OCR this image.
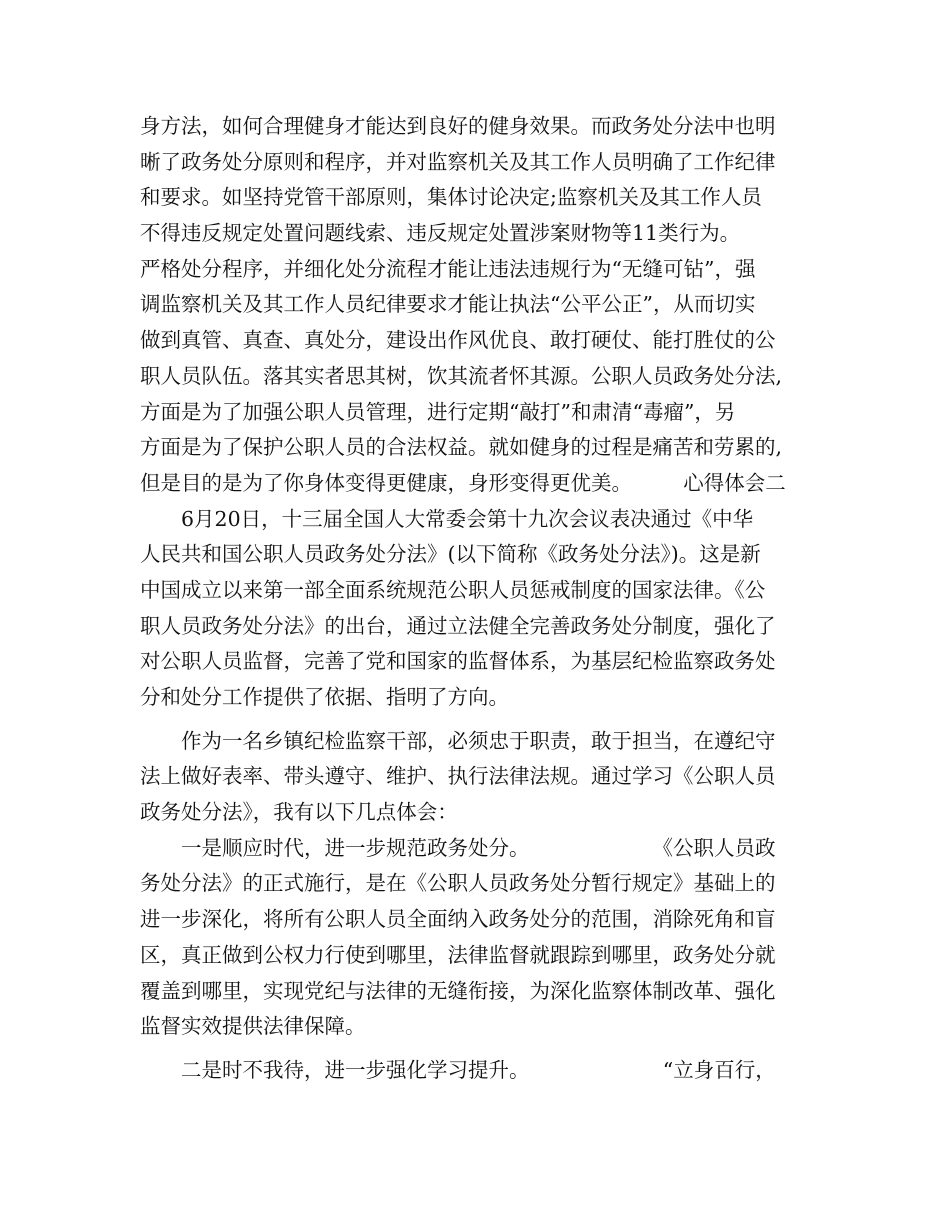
身方法，如何合理健身才能达到良好的健身效果。而政务处分法中也明
晰了政务处分原则和程序，并对监察机关及其工作人员明确了工作纪律
和要求。如坚持党管干部原则，集体讨论决定;监察机关及其工作人员
不得违反规定处置问题线索、违反规定处置涉案财物等11类行为。
严格处分程序，并细化处分流程才能让违法违规行为“无缝可钻”，强
调监察机关及其工作人员纪律要求才能让执法“公平公正”，从而切实
做到真管、真查、真处分，建设出作风优良、敢打硬仗、能打胜仗的公
职人员队伍。落其实者思其树，饮其流者怀其源。公职人员政务处分法,
方面是为了加强公职人员管理，进行定期“敲打”和肃清“毒瘤”，另
方面是为了保护公职人员的合法权益。就如健身的过程是痛苦和劳累的,
但是目的是为了你身体变得更健康，身形变得更优美。　　　心得体会二
6月20日，十三届全国人大常委会第十九次会议表决通过《中华
人民共和国公职人员政务处分法》(以下简称《政务处分法》)。这是新
中国成立以来第一部全面系统规范公职人员惩戒制度的国家法律。《公
职人员政务处分法》的出台，通过立法健全完善政务处分制度，强化了
对公职人员监督，完善了党和国家的监督体系，为基层纪检监察政务处
分和处分工作提供了依据、指明了方向。
作为一名乡镇纪检监察干部，必须忠于职责，敢于担当，在遵纪守
法上做好表率、带头遵守、维护、执行法律法规。通过学习《公职人员
政务处分法》，我有以下几点体会：
一是顺应时代，进一步规范政务处分。　　　　　　　《公职人员政
务处分法》的正式施行，是在《公职人员政务处分暂行规定》基础上的
进一步深化，将所有公职人员全面纳入政务处分的范围，消除死角和盲
区，真正做到公权力行使到哪里，法律监督就跟踪到哪里，政务处分就
覆盖到哪里，实现党纪与法律的无缝衔接，为深化监察体制改革、强化
监督实效提供法律保障。
二是时不我待，进一步强化学习提升。　　　　　　　“立身百行，
